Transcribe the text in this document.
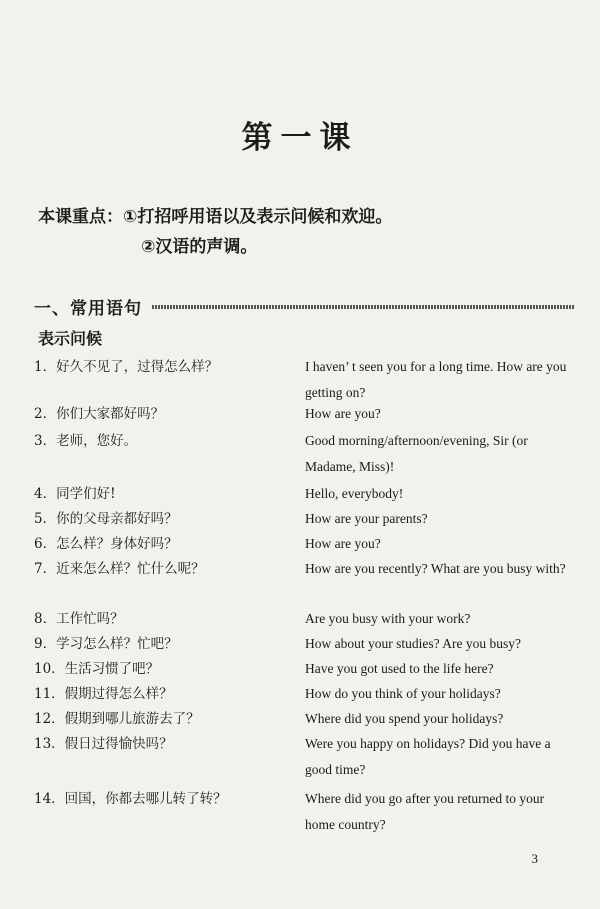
第一课
本课重点：①打招呼用语以及表示问候和欢迎。
②汉语的声调。
一、常用语句
表示问候
1．好久不见了，过得怎么样？	I haven’ t seen you for a long time. How are you getting on?
2．你们大家都好吗？	How are you?
3．老师，您好。	Good morning/afternoon/evening, Sir (or Madame, Miss)!
4．同学们好!	Hello, everybody!
5．你的父母亲都好吗？	How are your parents?
6．怎么样？身体好吗？	How are you?
7．近来怎么样？忙什么呢？	How are you recently? What are you busy with?
8．工作忙吗？	Are you busy with your work?
9．学习怎么样？忙吧？	How about your studies? Are you busy?
10．生活习惯了吧？	Have you got used to the life here?
11．假期过得怎么样？	How do you think of your holidays?
12．假期到哪儿旅游去了？	Where did you spend your holidays?
13．假日过得愉快吗？	Were you happy on holidays? Did you have a good time?
14．回国，你都去哪儿转了转？	Where did you go after you returned to your home country?
3
